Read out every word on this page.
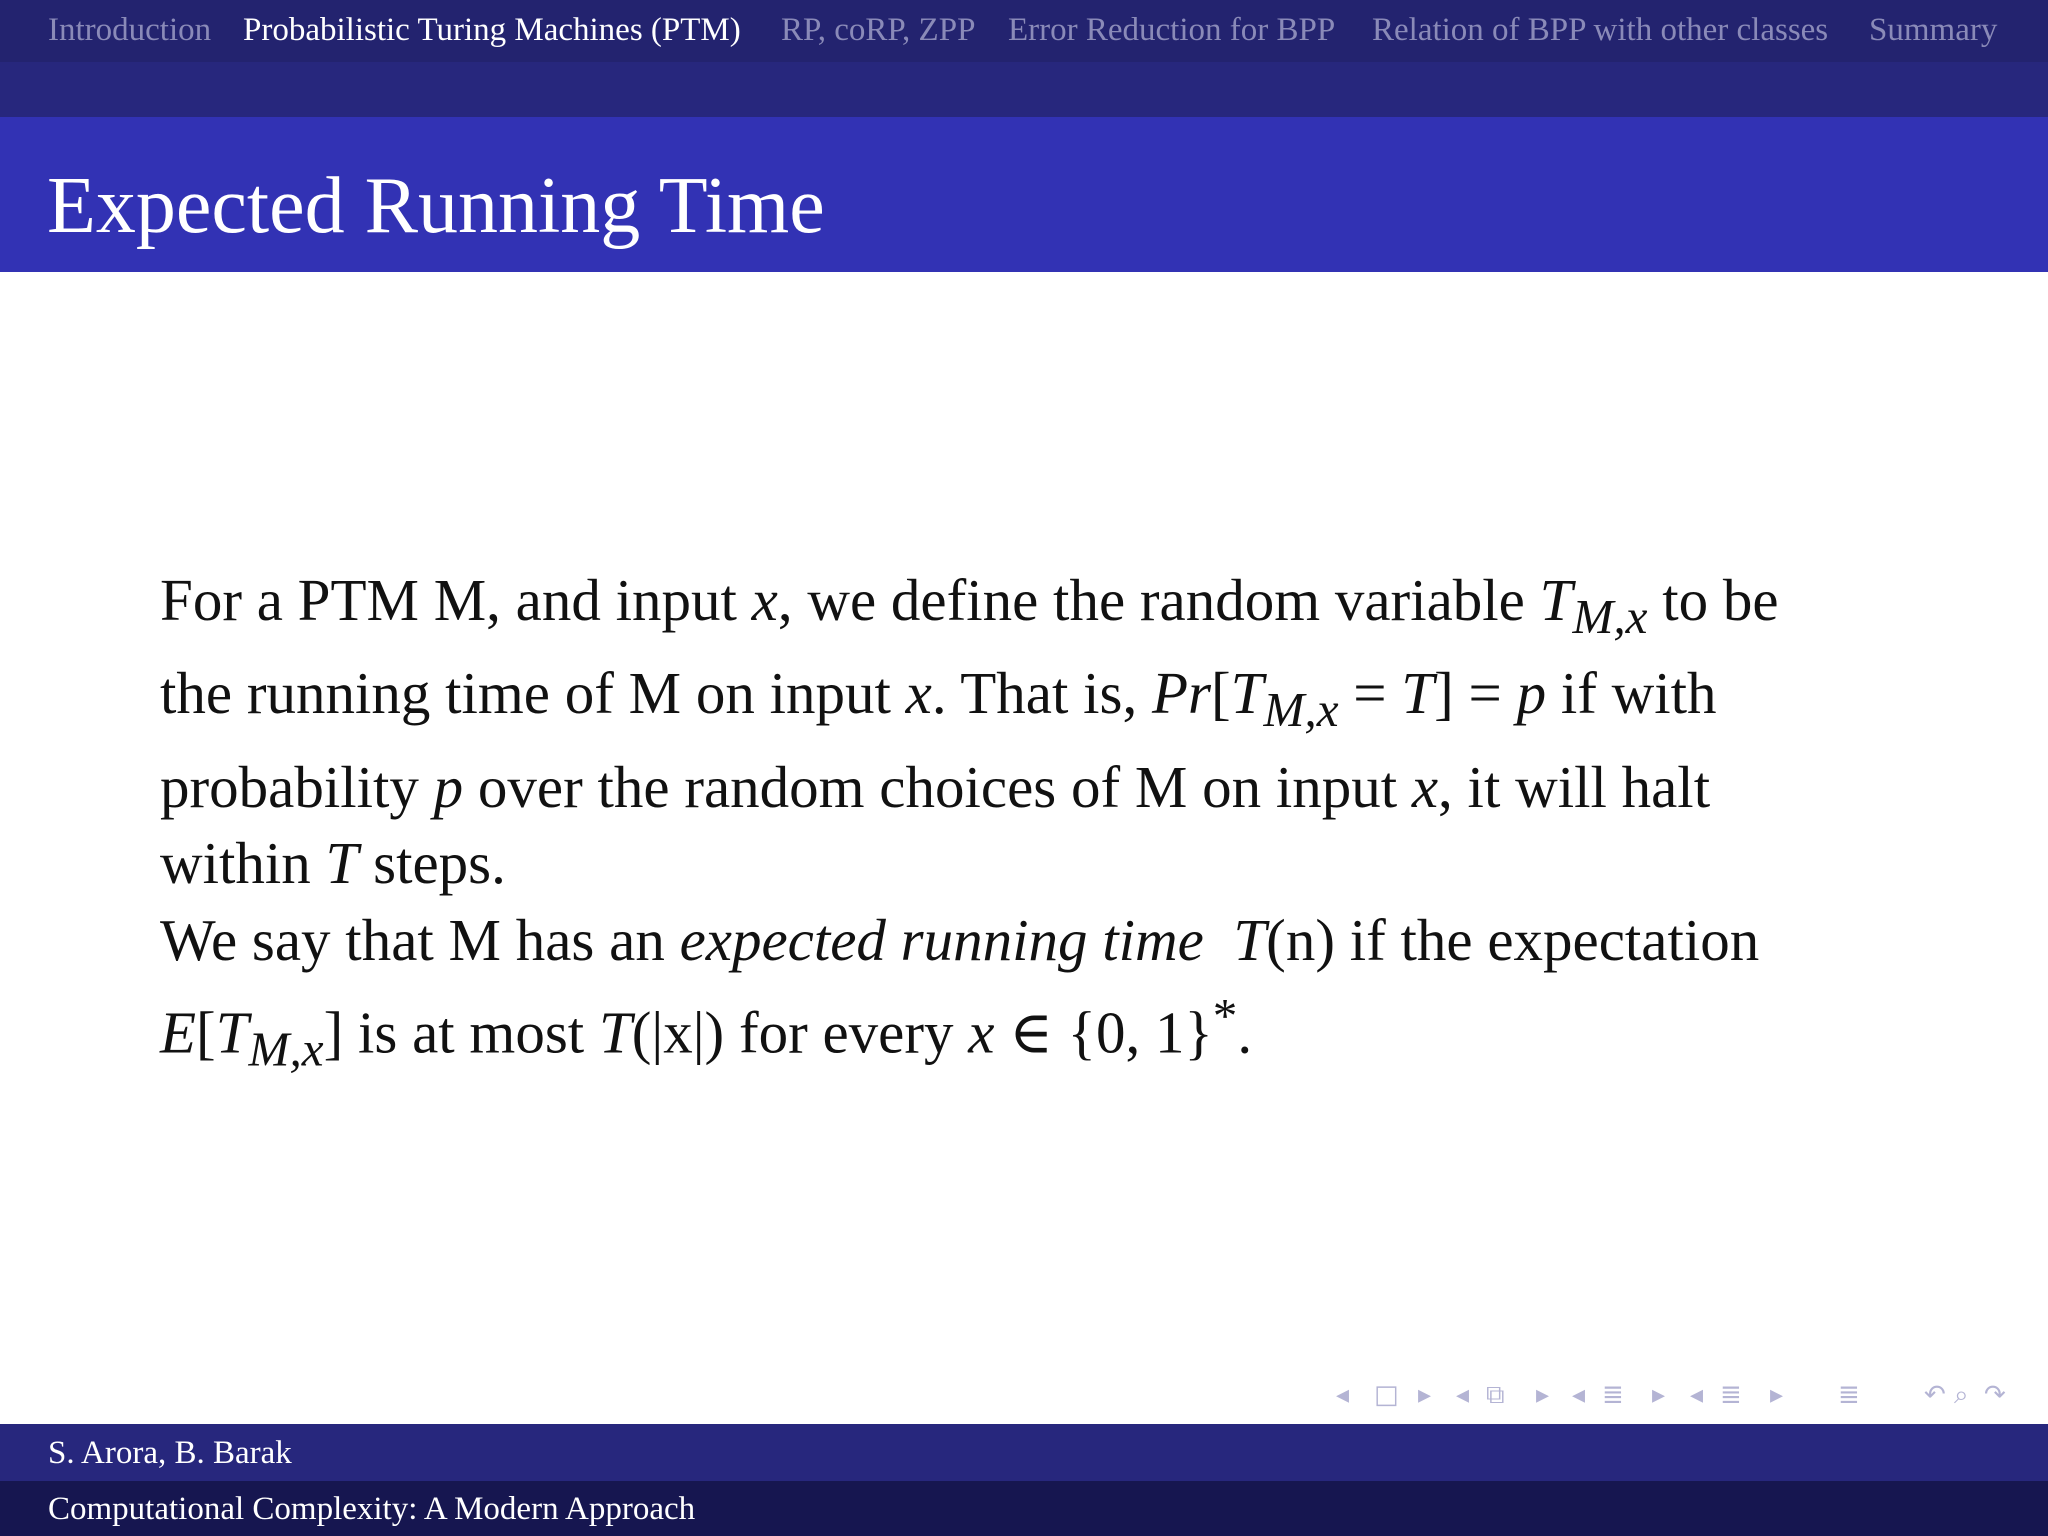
Introduction Probabilistic Turing Machines (PTM) RP, coRP, ZPP Error Reduction for BPP Relation of BPP with other classes Summary
Expected Running Time

For a PTM M, and input x, we define the random variable $T_{M,x}$ to be

the running time of M on input x. That is, $Pr[T_{M,x} = T] = p$ if with

probability p over the random choices of M on input x, it will halt

within T steps.

We say that M has an expected running time T(n) if the expectation

$E[T_{M,x}]$ is at most T(|x|) for every x ∈ {0, 1}*.

◂ □ ▸ ◂ ⧉ ▸ ◂ ≣ ▸ ◂ ≣ ▸ ≣ ↶ ⌕ ↷
S. Arora, B. Barak
Computational Complexity: A Modern Approach
